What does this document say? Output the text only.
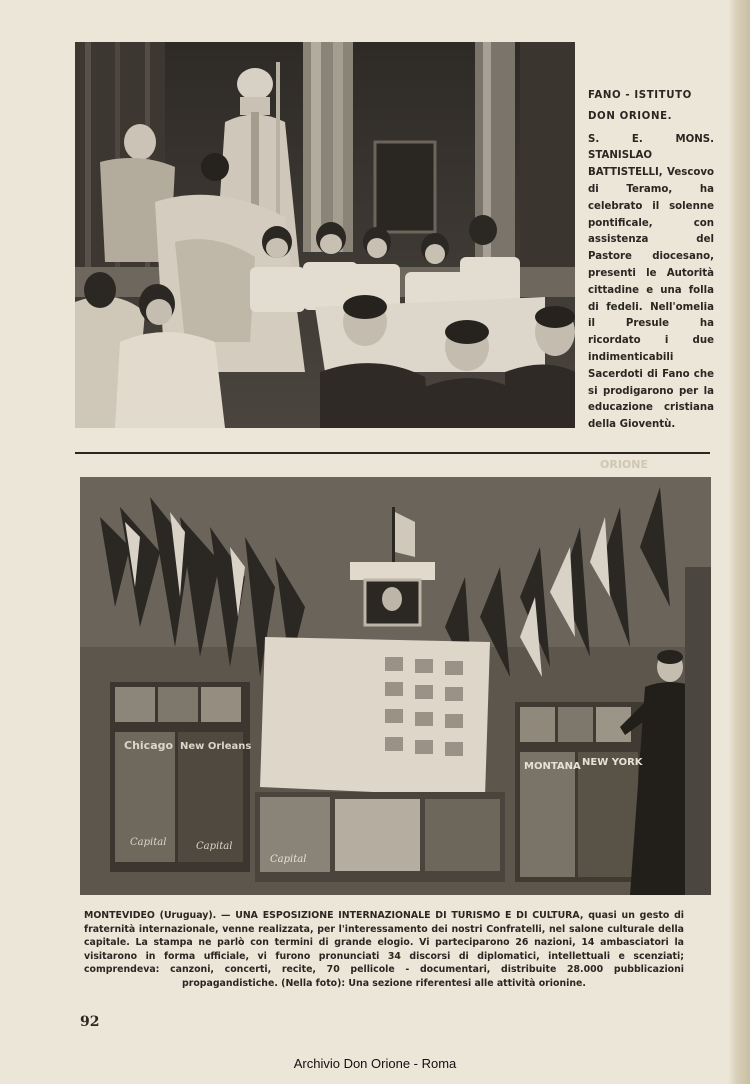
FANO - ISTITUTO
DON ORIONE.
S. E. MONS. STANISLAO BATTISTELLI, Vescovo di Teramo, ha celebrato il solenne pontificale, con assistenza del Pastore diocesano, presenti le Autorità cittadine e una folla di fedeli. Nell'omelia il Presule ha ricordato i due indimenticabili Sacerdoti di Fano che si prodigarono per la educazione cristiana della Gioventù.
ORIONE
Chicago New Orleans
Capital	Capital
MONTANA NEW YORK
Capital
MONTEVIDEO (Uruguay). — UNA ESPOSIZIONE INTERNAZIONALE DI TURISMO E DI CULTURA, quasi un gesto di fraternità internazionale, venne realizzata, per l'interessamento dei nostri Confratelli, nel salone culturale della capitale. La stampa ne parlò con termini di grande elogio. Vi parteciparono 26 nazioni, 14 ambasciatori la visitarono in forma ufficiale, vi furono pronunciati 34 discorsi di diplomatici, intellettuali e scenziati; comprendeva: canzoni, concerti, recite, 70 pellicole - documentari, distribuite 28.000 pubblicazioni propagandistiche. (Nella foto): Una sezione riferentesi alle attività orionine.
92
Archivio Don Orione - Roma
